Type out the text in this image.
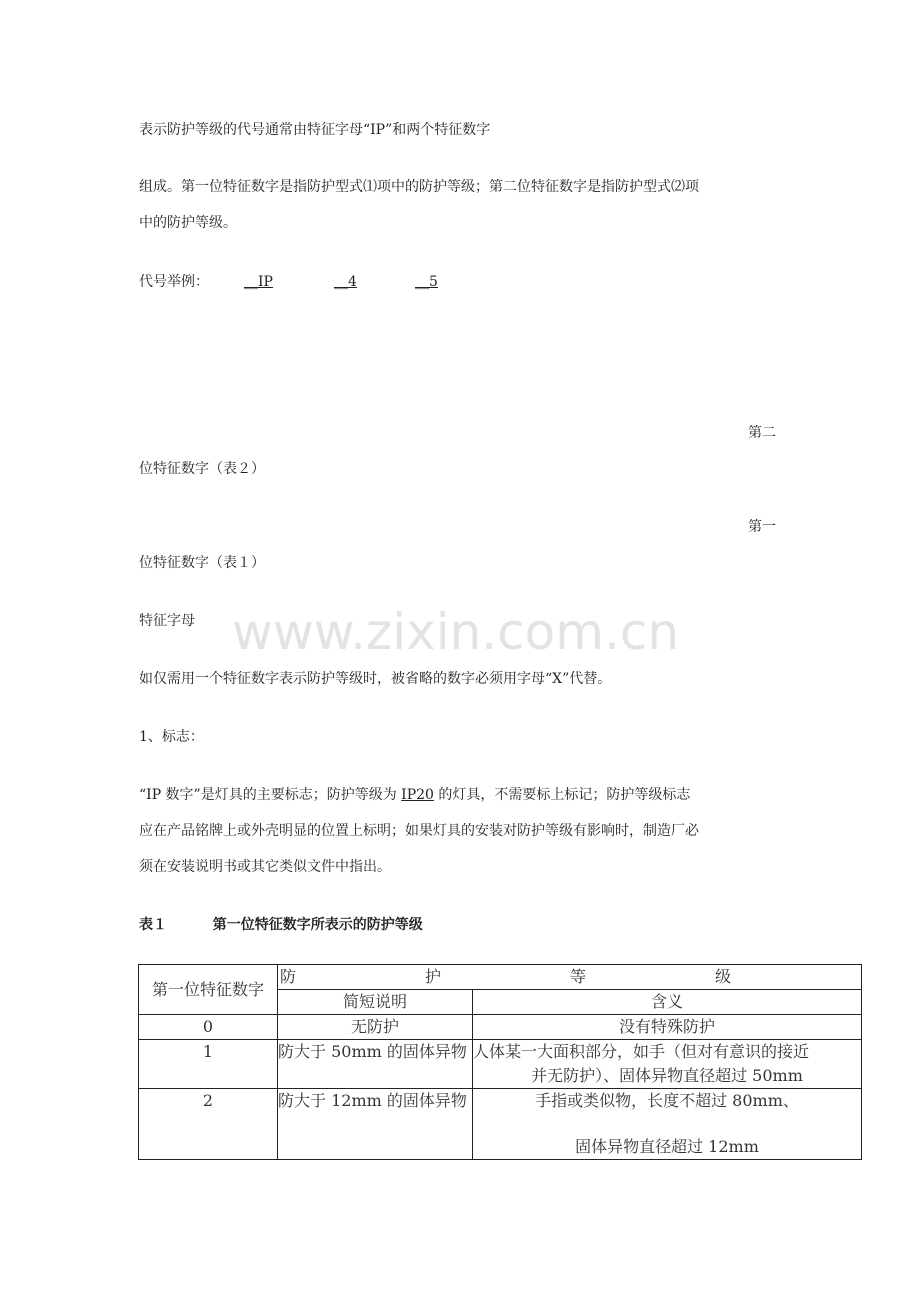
表示防护等级的代号通常由特征字母“IP”和两个特征数字
组成。第一位特征数字是指防护型式⑴项中的防护等级；第二位特征数字是指防护型式⑵项
中的防护等级。
代号举例：	__IP	__4	__5
第二
位特征数字（表２）
第一
位特征数字（表１）
特征字母 www.zixin.com.cn
如仅需用一个特征数字表示防护等级时，被省略的数字必须用字母“X”代替。
1、标志：
“IP 数字”是灯具的主要标志；防护等级为 IP20 的灯具，不需要标上标记；防护等级标志
应在产品铭牌上或外壳明显的位置上标明；如果灯具的安装对防护等级有影响时，制造厂必
须在安装说明书或其它类似文件中指出。
表１	第一位特征数字所表示的防护等级
第一位特征数字	防 护 等 级	

	简短说明	含义
0	无防护	没有特殊防护
1	防大于 50mm 的固体异物	人体某一大面积部分，如手（但对有意识的接近
并无防护）、固体异物直径超过 50mm

2	防大于 12mm 的固体异物	手指或类似物，长度不超过 80mm、
固体异物直径超过 12mm
